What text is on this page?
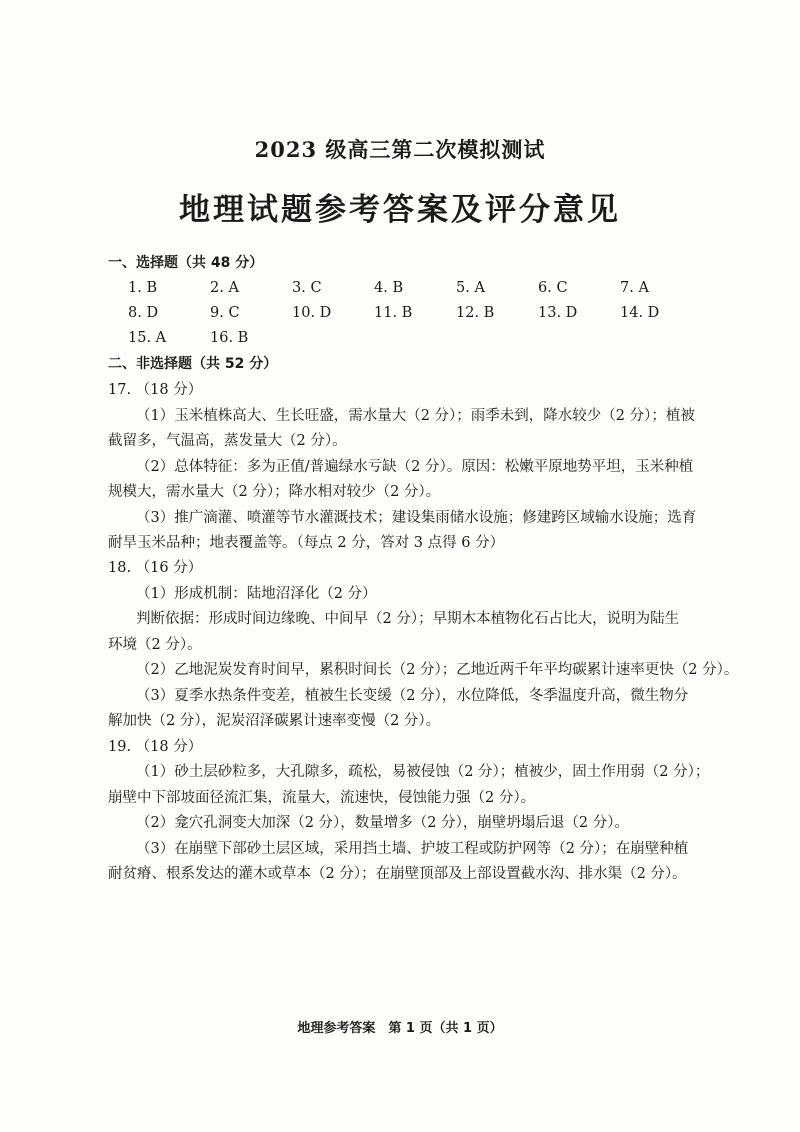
2023 级高三第二次模拟测试
地理试题参考答案及评分意见
一、选择题（共 48 分）
1. B	2. A	3. C	4. B	5. A	6. C	7. A
8. D	9. C	10. D	11. B	12. B	13. D	14. D
15. A	16. B
二、非选择题（共 52 分）
17. （18 分）
（1）玉米植株高大、生长旺盛，需水量大（2 分）；雨季未到，降水较少（2 分）；植被
截留多，气温高，蒸发量大（2 分）。
（2）总体特征：多为正值/普遍绿水亏缺（2 分）。原因：松嫩平原地势平坦，玉米种植
规模大，需水量大（2 分）；降水相对较少（2 分）。
（3）推广滴灌、喷灌等节水灌溉技术；建设集雨储水设施；修建跨区域输水设施；选育
耐旱玉米品种；地表覆盖等。（每点 2 分，答对 3 点得 6 分）
18. （16 分）
（1）形成机制：陆地沼泽化（2 分）
判断依据：形成时间边缘晚、中间早（2 分）；早期木本植物化石占比大，说明为陆生
环境（2 分）。
（2）乙地泥炭发育时间早，累积时间长（2 分）；乙地近两千年平均碳累计速率更快（2 分）。
（3）夏季水热条件变差，植被生长变缓（2 分），水位降低，冬季温度升高，微生物分
解加快（2 分），泥炭沼泽碳累计速率变慢（2 分）。
19. （18 分）
（1）砂土层砂粒多，大孔隙多，疏松，易被侵蚀（2 分）；植被少，固土作用弱（2 分）；
崩壁中下部坡面径流汇集，流量大，流速快，侵蚀能力强（2 分）。
（2）龛穴孔洞变大加深（2 分），数量增多（2 分），崩壁坍塌后退（2 分）。
（3）在崩壁下部砂土层区域，采用挡土墙、护坡工程或防护网等（2 分）；在崩壁种植
耐贫瘠、根系发达的灌木或草本（2 分）；在崩壁顶部及上部设置截水沟、排水渠（2 分）。
地理参考答案　第 1 页（共 1 页）
